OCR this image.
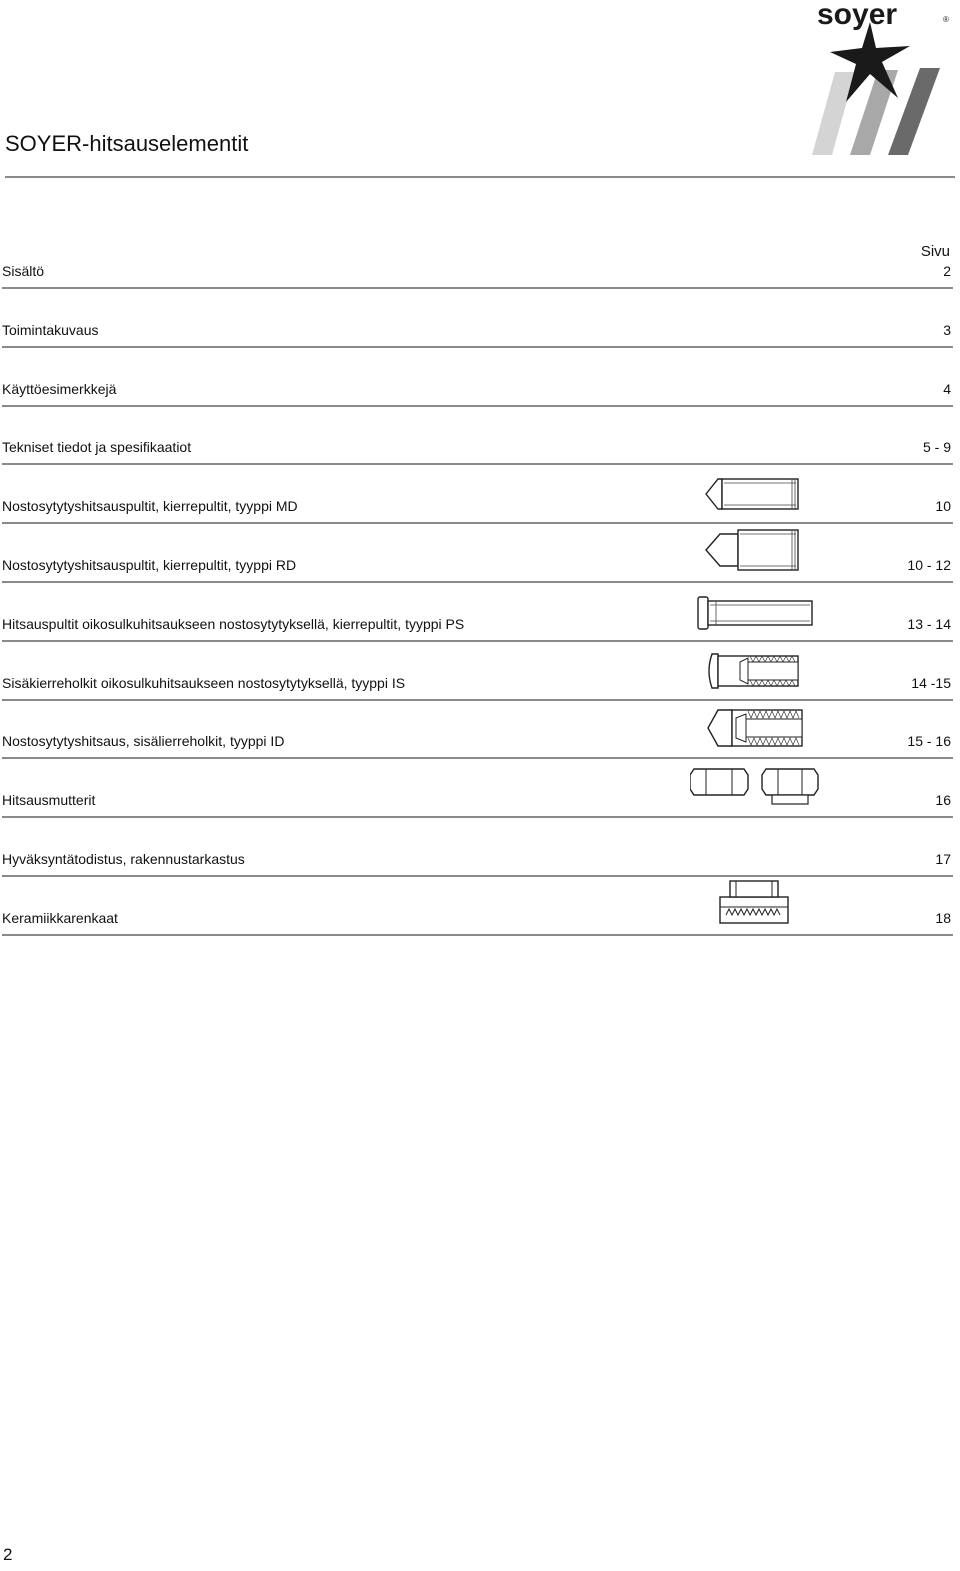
soyer	®
SOYER-hitsauselementit
Sivu
Sisältö	2
Toimintakuvaus	3
Käyttöesimerkkejä	4
Tekniset tiedot ja spesifikaatiot	5 - 9
Nostosytytyshitsauspultit, kierrepultit, tyyppi MD	10
Nostosytytyshitsauspultit, kierrepultit, tyyppi RD	10 - 12
Hitsauspultit oikosulkuhitsaukseen nostosytytyksellä, kierrepultit, tyyppi PS	13 - 14
Sisäkierreholkit oikosulkuhitsaukseen nostosytytyksellä, tyyppi IS	14 -15
Nostosytytyshitsaus, sisälierreholkit, tyyppi ID	15 - 16
Hitsausmutterit	16
Hyväksyntätodistus, rakennustarkastus	17
Keramiikkarenkaat	18
2
